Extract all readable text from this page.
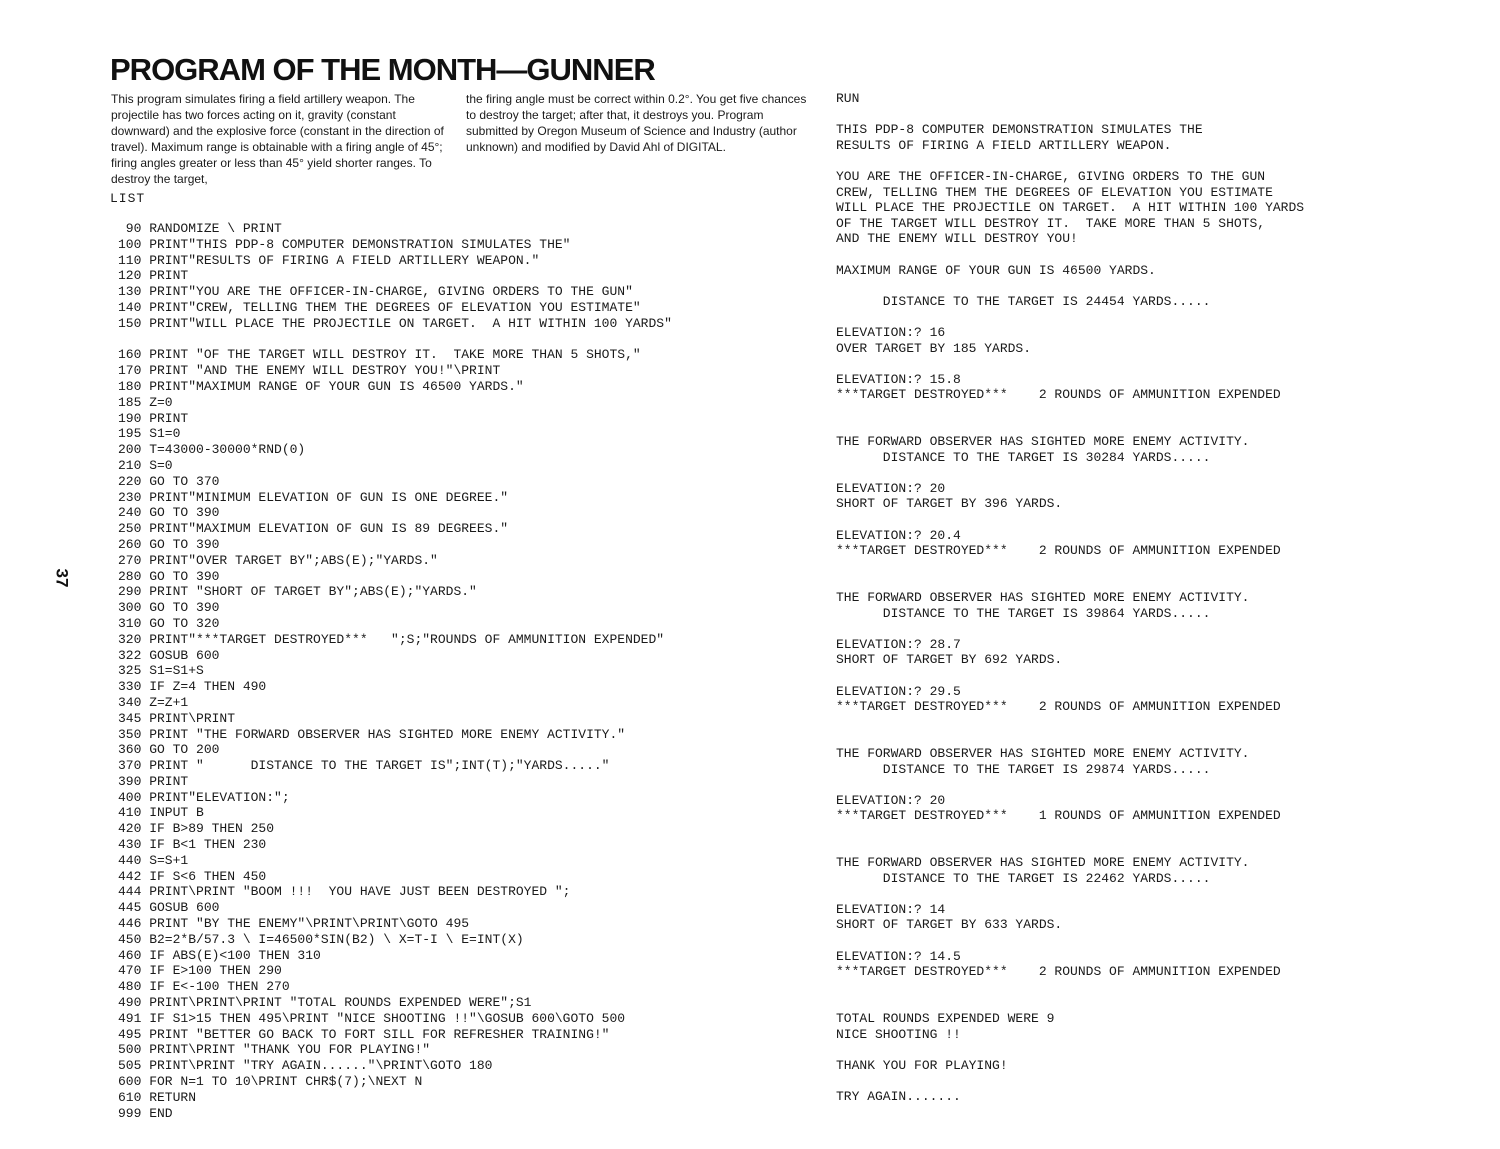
PROGRAM OF THE MONTH—GUNNER

This program simulates firing a field artillery weapon. The projectile has two forces acting on it, gravity (constant downward) and the explosive force (constant in the direction of travel). Maximum range is obtainable with a firing angle of 45°; firing angles greater or less than 45° yield shorter ranges. To destroy the target,

the firing angle must be correct within 0.2°. You get five chances to destroy the target; after that, it destroys you. Program submitted by Oregon Museum of Science and Industry (author unknown) and modified by David Ahl of DIGITAL.

37

LIST

90 RANDOMIZE \ PRINT
100 PRINT"THIS PDP-8 COMPUTER DEMONSTRATION SIMULATES THE"
110 PRINT"RESULTS OF FIRING A FIELD ARTILLERY WEAPON."
120 PRINT
130 PRINT"YOU ARE THE OFFICER-IN-CHARGE, GIVING ORDERS TO THE GUN"
140 PRINT"CREW, TELLING THEM THE DEGREES OF ELEVATION YOU ESTIMATE"
150 PRINT"WILL PLACE THE PROJECTILE ON TARGET.  A HIT WITHIN 100 YARDS"

160 PRINT "OF THE TARGET WILL DESTROY IT.  TAKE MORE THAN 5 SHOTS,"
170 PRINT "AND THE ENEMY WILL DESTROY YOU!"\PRINT
180 PRINT"MAXIMUM RANGE OF YOUR GUN IS 46500 YARDS."
185 Z=0
190 PRINT
195 S1=0
200 T=43000-30000*RND(0)
210 S=0
220 GO TO 370
230 PRINT"MINIMUM ELEVATION OF GUN IS ONE DEGREE."
240 GO TO 390
250 PRINT"MAXIMUM ELEVATION OF GUN IS 89 DEGREES."
260 GO TO 390
270 PRINT"OVER TARGET BY";ABS(E);"YARDS."
280 GO TO 390
290 PRINT "SHORT OF TARGET BY";ABS(E);"YARDS."
300 GO TO 390
310 GO TO 320
320 PRINT"***TARGET DESTROYED***   ";S;"ROUNDS OF AMMUNITION EXPENDED"
322 GOSUB 600
325 S1=S1+S
330 IF Z=4 THEN 490
340 Z=Z+1
345 PRINT\PRINT
350 PRINT "THE FORWARD OBSERVER HAS SIGHTED MORE ENEMY ACTIVITY."
360 GO TO 200
370 PRINT "      DISTANCE TO THE TARGET IS";INT(T);"YARDS....."
390 PRINT
400 PRINT"ELEVATION:";
410 INPUT B
420 IF B>89 THEN 250
430 IF B<1 THEN 230
440 S=S+1
442 IF S<6 THEN 450
444 PRINT\PRINT "BOOM !!!  YOU HAVE JUST BEEN DESTROYED ";
445 GOSUB 600
446 PRINT "BY THE ENEMY"\PRINT\PRINT\GOTO 495
450 B2=2*B/57.3 \ I=46500*SIN(B2) \ X=T-I \ E=INT(X)
460 IF ABS(E)<100 THEN 310
470 IF E>100 THEN 290
480 IF E<-100 THEN 270
490 PRINT\PRINT\PRINT "TOTAL ROUNDS EXPENDED WERE";S1
491 IF S1>15 THEN 495\PRINT "NICE SHOOTING !!"\GOSUB 600\GOTO 500
495 PRINT "BETTER GO BACK TO FORT SILL FOR REFRESHER TRAINING!"
500 PRINT\PRINT "THANK YOU FOR PLAYING!"
505 PRINT\PRINT "TRY AGAIN......"\PRINT\GOTO 180
600 FOR N=1 TO 10\PRINT CHR$(7);\NEXT N
610 RETURN
999 END
RUN

THIS PDP-8 COMPUTER DEMONSTRATION SIMULATES THE
RESULTS OF FIRING A FIELD ARTILLERY WEAPON.

YOU ARE THE OFFICER-IN-CHARGE, GIVING ORDERS TO THE GUN
CREW, TELLING THEM THE DEGREES OF ELEVATION YOU ESTIMATE
WILL PLACE THE PROJECTILE ON TARGET.  A HIT WITHIN 100 YARDS
OF THE TARGET WILL DESTROY IT.  TAKE MORE THAN 5 SHOTS,
AND THE ENEMY WILL DESTROY YOU!

MAXIMUM RANGE OF YOUR GUN IS 46500 YARDS.

DISTANCE TO THE TARGET IS 24454 YARDS.....

ELEVATION:? 16
OVER TARGET BY 185 YARDS.

ELEVATION:? 15.8
***TARGET DESTROYED***    2 ROUNDS OF AMMUNITION EXPENDED

THE FORWARD OBSERVER HAS SIGHTED MORE ENEMY ACTIVITY.
DISTANCE TO THE TARGET IS 30284 YARDS.....

ELEVATION:? 20
SHORT OF TARGET BY 396 YARDS.

ELEVATION:? 20.4
***TARGET DESTROYED***    2 ROUNDS OF AMMUNITION EXPENDED

THE FORWARD OBSERVER HAS SIGHTED MORE ENEMY ACTIVITY.
DISTANCE TO THE TARGET IS 39864 YARDS.....

ELEVATION:? 28.7
SHORT OF TARGET BY 692 YARDS.

ELEVATION:? 29.5
***TARGET DESTROYED***    2 ROUNDS OF AMMUNITION EXPENDED

THE FORWARD OBSERVER HAS SIGHTED MORE ENEMY ACTIVITY.
DISTANCE TO THE TARGET IS 29874 YARDS.....

ELEVATION:? 20
***TARGET DESTROYED***    1 ROUNDS OF AMMUNITION EXPENDED

THE FORWARD OBSERVER HAS SIGHTED MORE ENEMY ACTIVITY.
DISTANCE TO THE TARGET IS 22462 YARDS.....

ELEVATION:? 14
SHORT OF TARGET BY 633 YARDS.

ELEVATION:? 14.5
***TARGET DESTROYED***    2 ROUNDS OF AMMUNITION EXPENDED

TOTAL ROUNDS EXPENDED WERE 9
NICE SHOOTING !!

THANK YOU FOR PLAYING!

TRY AGAIN.......
